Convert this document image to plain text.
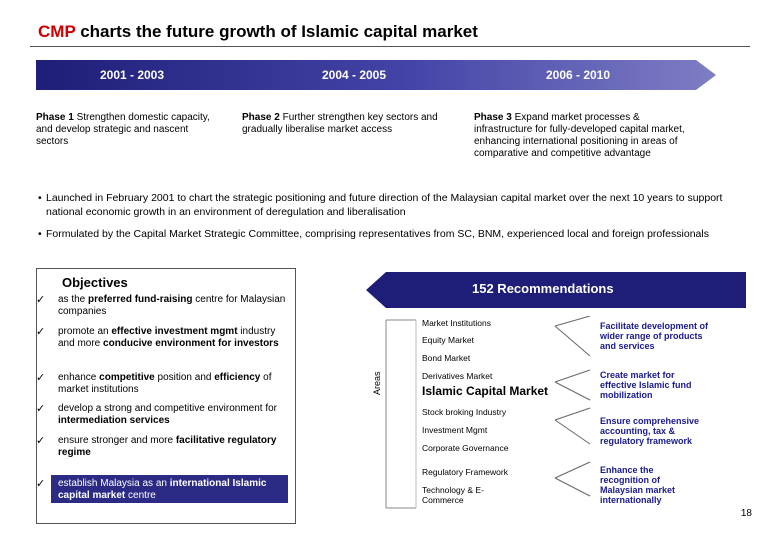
CMP charts the future growth of Islamic capital market
2001 - 2003	2004 - 2005	2006 - 2010
Phase 1 Strengthen domestic capacity, and develop strategic and nascent sectors
Phase 2 Further strengthen key sectors and gradually liberalise market access
Phase 3 Expand market processes & infrastructure for fully-developed capital market, enhancing international positioning in areas of comparative and competitive advantage
• Launched in February 2001 to chart the strategic positioning and future direction of the Malaysian capital market over the next 10 years to support national economic growth in an environment of deregulation and liberalisation
• Formulated by the Capital Market Strategic Committee, comprising representatives from SC, BNM, experienced local and foreign professionals
Objectives
✓	as the preferred fund-raising centre for Malaysian companies
✓	promote an effective investment mgmt industry and more conducive environment for investors
✓	enhance competitive position and efficiency of market institutions
✓	develop a strong and competitive environment for intermediation services
✓	ensure stronger and more facilitative regulatory regime
✓	establish Malaysia as an international Islamic capital market centre
152 Recommendations
Areas
Market Institutions
Equity Market
Bond Market
Derivatives Market
Islamic Capital Market
Stock broking Industry
Investment Mgmt
Corporate Governance
Regulatory Framework
Technology & E-Commerce
Facilitate development of wider range of products and services
Create market for effective Islamic fund mobilization
Ensure comprehensive accounting, tax & regulatory framework
Enhance the recognition of Malaysian market internationally
18
